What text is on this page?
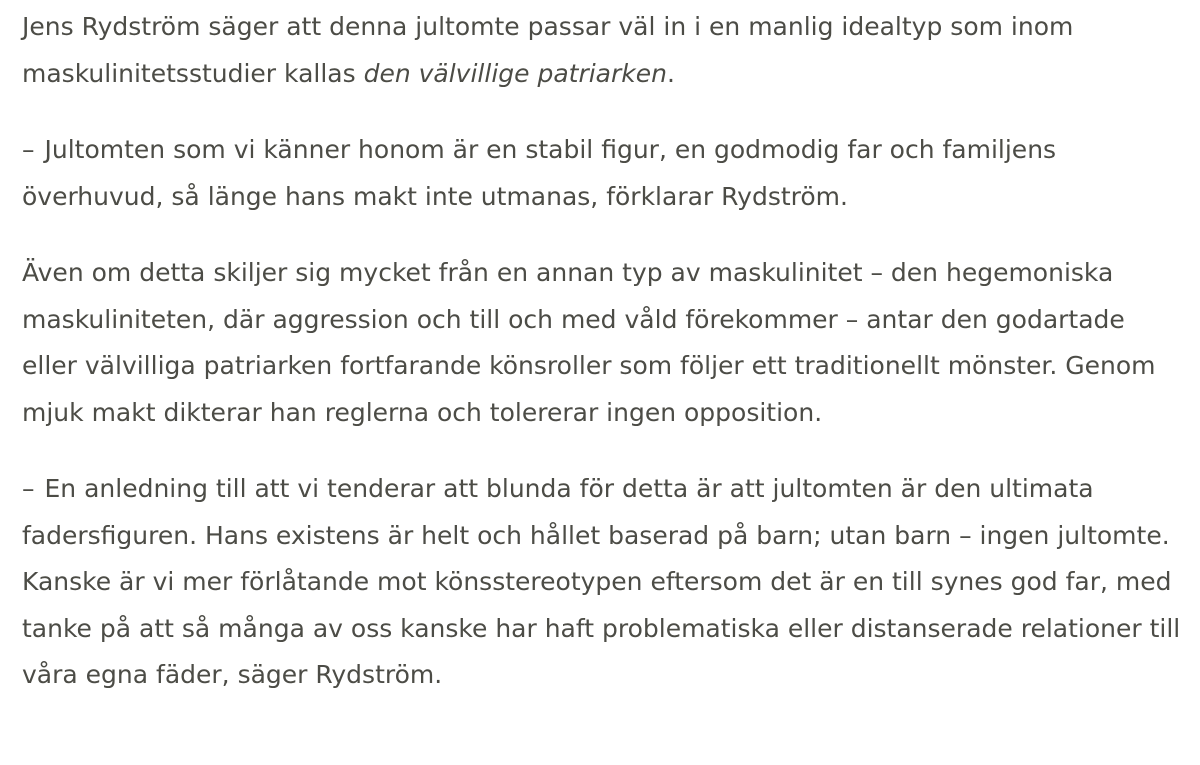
Jens Rydström säger att denna jultomte passar väl in i en manlig idealtyp som inom maskulinitetsstudier kallas den välvillige patriarken.

– Jultomten som vi känner honom är en stabil figur, en godmodig far och familjens överhuvud, så länge hans makt inte utmanas, förklarar Rydström.

Även om detta skiljer sig mycket från en annan typ av maskulinitet – den hegemoniska maskuliniteten, där aggression och till och med våld förekommer – antar den godartade eller välvilliga patriarken fortfarande könsroller som följer ett traditionellt mönster. Genom mjuk makt dikterar han reglerna och tolererar ingen opposition.

– En anledning till att vi tenderar att blunda för detta är att jultomten är den ultimata fadersfiguren. Hans existens är helt och hållet baserad på barn; utan barn – ingen jultomte. Kanske är vi mer förlåtande mot könsstereotypen eftersom det är en till synes god far, med tanke på att så många av oss kanske har haft problematiska eller distanserade relationer till våra egna fäder, säger Rydström.
